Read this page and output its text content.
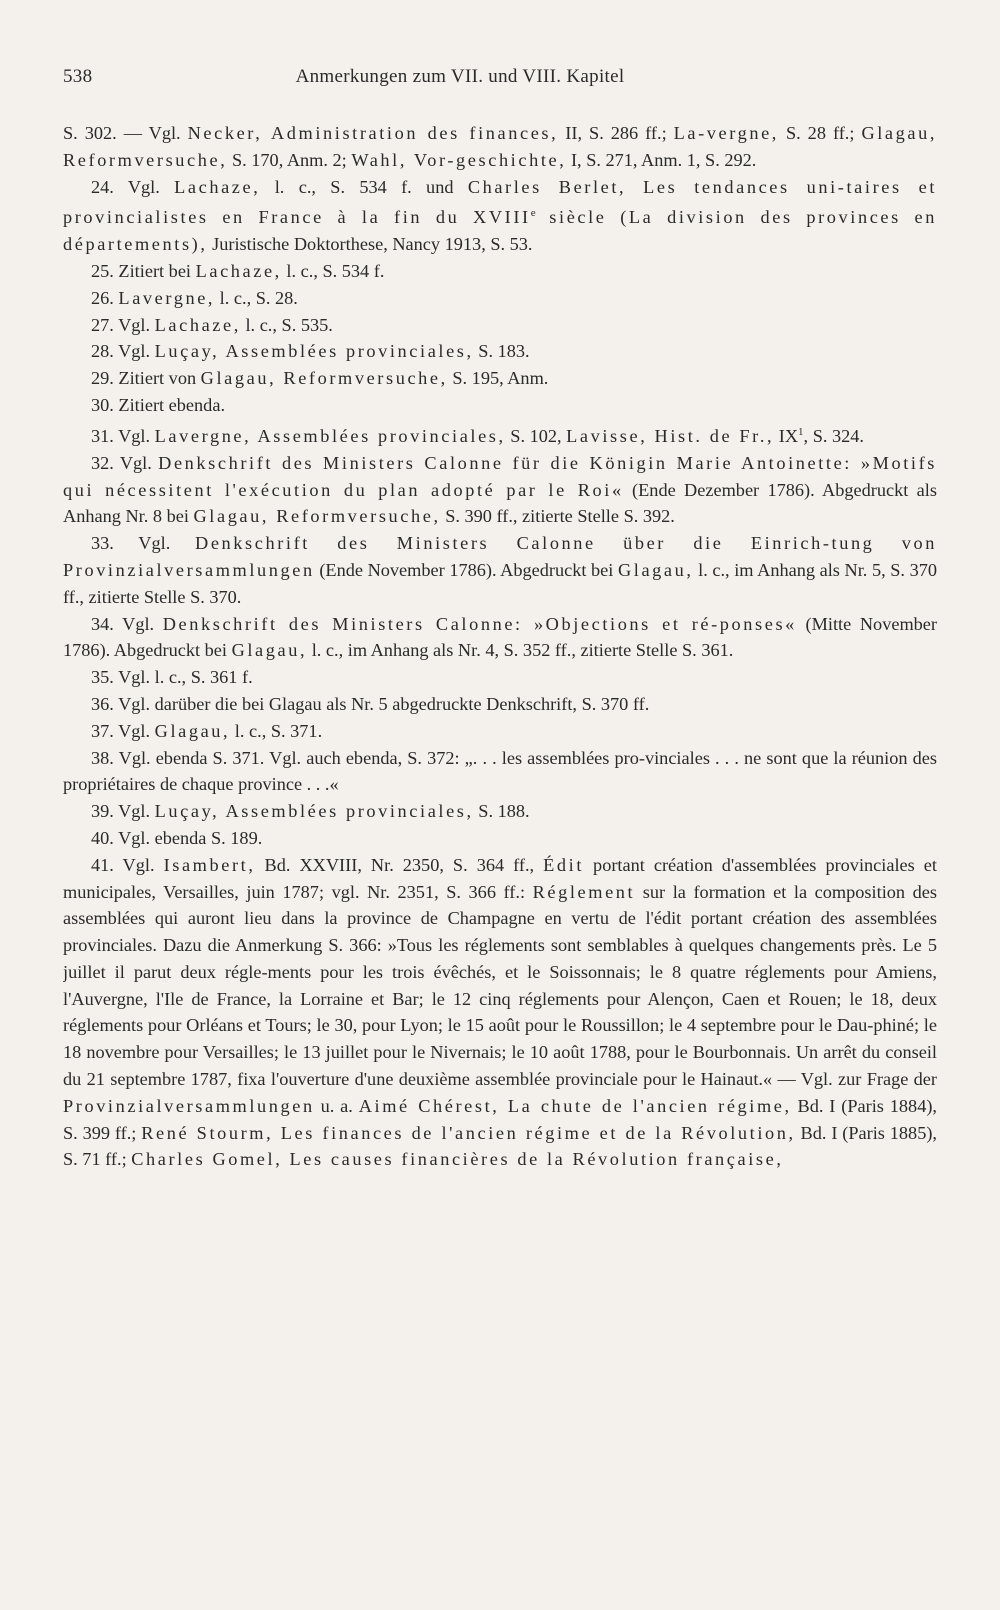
538	Anmerkungen zum VII. und VIII. Kapitel

S. 302. — Vgl. Necker, Administration des finances, II, S. 286 ff.; La-vergne, S. 28 ff.; Glagau, Reformversuche, S. 170, Anm. 2; Wahl, Vor-geschichte, I, S. 271, Anm. 1, S. 292.

24. Vgl. Lachaze, l. c., S. 534 f. und Charles Berlet, Les tendances uni-taires et provincialistes en France à la fin du XVIIIe siècle (La division des provinces en départements), Juristische Doktorthese, Nancy 1913, S. 53.

25. Zitiert bei Lachaze, l. c., S. 534 f.

26. Lavergne, l. c., S. 28.

27. Vgl. Lachaze, l. c., S. 535.

28. Vgl. Luçay, Assemblées provinciales, S. 183.

29. Zitiert von Glagau, Reformversuche, S. 195, Anm.

30. Zitiert ebenda.

31. Vgl. Lavergne, Assemblées provinciales, S. 102, Lavisse, Hist. de Fr., $IX^1$, S. 324.

32. Vgl. Denkschrift des Ministers Calonne für die Königin Marie Antoinette: »Motifs qui nécessitent l'exécution du plan adopté par le Roi« (Ende Dezember 1786). Abgedruckt als Anhang Nr. 8 bei Glagau, Reformversuche, S. 390 ff., zitierte Stelle S. 392.

33. Vgl. Denkschrift des Ministers Calonne über die Einrich-tung von Provinzialversammlungen (Ende November 1786). Abgedruckt bei Glagau, l. c., im Anhang als Nr. 5, S. 370 ff., zitierte Stelle S. 370.

34. Vgl. Denkschrift des Ministers Calonne: »Objections et ré-ponses« (Mitte November 1786). Abgedruckt bei Glagau, l. c., im Anhang als Nr. 4, S. 352 ff., zitierte Stelle S. 361.

35. Vgl. l. c., S. 361 f.

36. Vgl. darüber die bei Glagau als Nr. 5 abgedruckte Denkschrift, S. 370 ff.

37. Vgl. Glagau, l. c., S. 371.

38. Vgl. ebenda S. 371. Vgl. auch ebenda, S. 372: „. . . les assemblées pro-vinciales . . . ne sont que la réunion des propriétaires de chaque province . . .«

39. Vgl. Luçay, Assemblées provinciales, S. 188.

40. Vgl. ebenda S. 189.

41. Vgl. Isambert, Bd. XXVIII, Nr. 2350, S. 364 ff., Édit portant création d'assemblées provinciales et municipales, Versailles, juin 1787; vgl. Nr. 2351, S. 366 ff.: Réglement sur la formation et la composition des assemblées qui auront lieu dans la province de Champagne en vertu de l'édit portant création des assemblées provinciales. Dazu die Anmerkung S. 366: »Tous les réglements sont semblables à quelques changements près. Le 5 juillet il parut deux régle-ments pour les trois évêchés, et le Soissonnais; le 8 quatre réglements pour Amiens, l'Auvergne, l'Ile de France, la Lorraine et Bar; le 12 cinq réglements pour Alençon, Caen et Rouen; le 18, deux réglements pour Orléans et Tours; le 30, pour Lyon; le 15 août pour le Roussillon; le 4 septembre pour le Dau-phiné; le 18 novembre pour Versailles; le 13 juillet pour le Nivernais; le 10 août 1788, pour le Bourbonnais. Un arrêt du conseil du 21 septembre 1787, fixa l'ouverture d'une deuxième assemblée provinciale pour le Hainaut.« — Vgl. zur Frage der Provinzialversammlungen u. a. Aimé Chérest, La chute de l'ancien régime, Bd. I (Paris 1884), S. 399 ff.; René Stourm, Les finances de l'ancien régime et de la Révolution, Bd. I (Paris 1885), S. 71 ff.; Charles Gomel, Les causes financières de la Révolution française,
